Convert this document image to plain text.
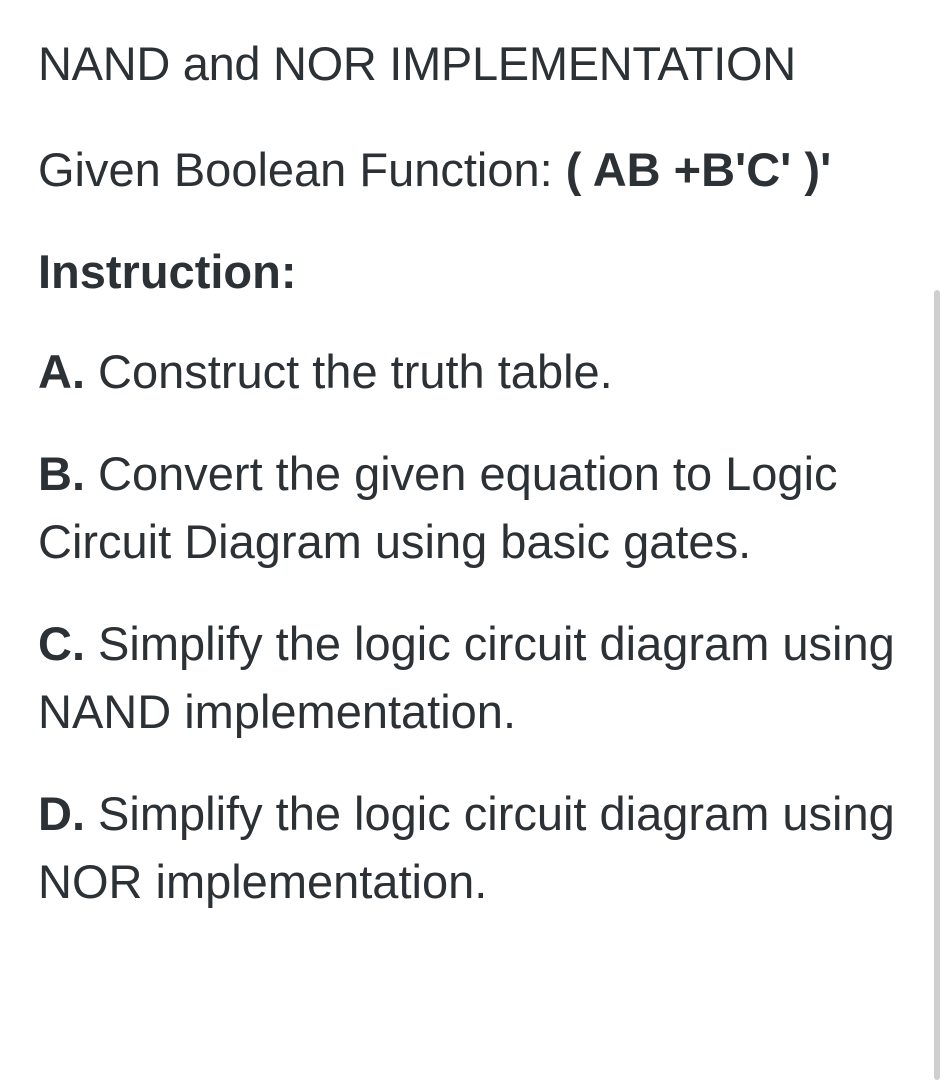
NAND and NOR IMPLEMENTATION

Given Boolean Function: ( AB +B'C' )'

Instruction:

A. Construct the truth table.

B. Convert the given equation to Logic Circuit Diagram using basic gates.

C. Simplify the logic circuit diagram using NAND implementation.

D. Simplify the logic circuit diagram using NOR implementation.
